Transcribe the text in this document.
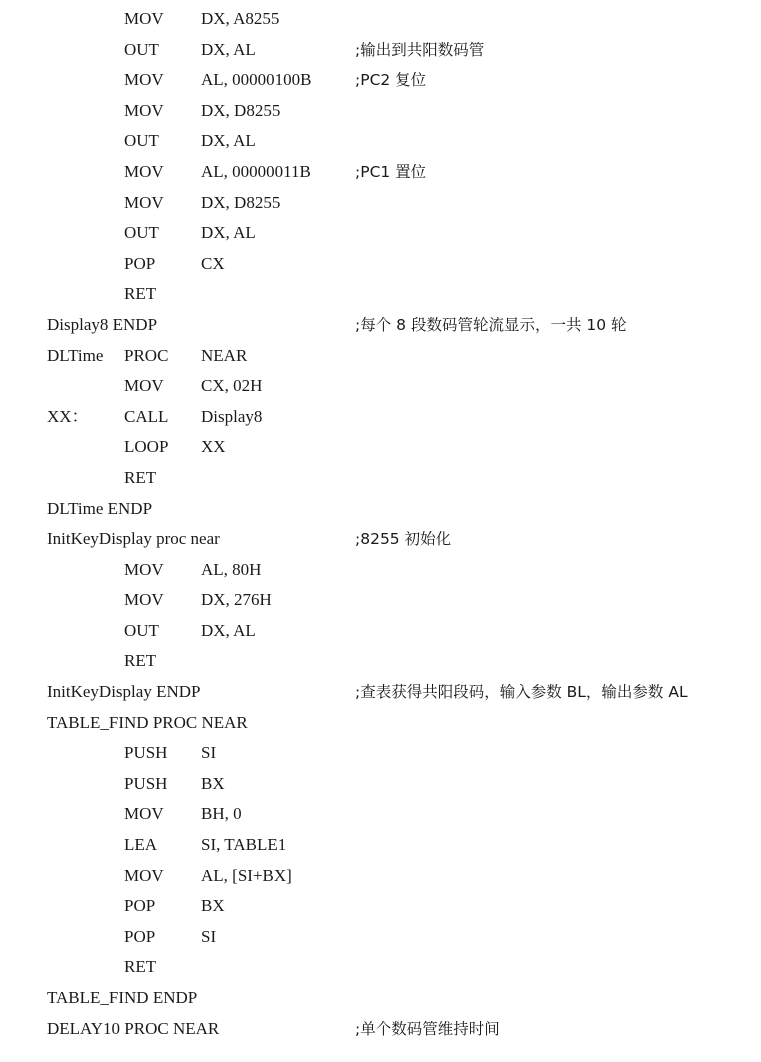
MOV DX, A8255
OUT DX, AL	;输出到共阳数码管
MOV AL, 00000100B	;PC2 复位
MOV DX, D8255
OUT DX, AL
MOV AL, 00000011B	;PC1 置位
MOV DX, D8255
OUT DX, AL
POP	CX
RET
Display8 ENDP	;每个 8 段数码管轮流显示，一共 10 轮
DLTime PROC NEAR
MOV CX, 02H
XX： CALL Display8
LOOP XX
RET
DLTime ENDP
InitKeyDisplay proc near	;8255 初始化
MOV AL, 80H
MOV DX, 276H
OUT DX, AL
RET
InitKeyDisplay ENDP	;查表获得共阳段码，输入参数 BL，输出参数 AL
TABLE_FIND PROC NEAR
PUSH SI
PUSH BX
MOV BH, 0
LEA	SI, TABLE1
MOV AL, [SI+BX]
POP	BX
POP	SI
RET
TABLE_FIND ENDP
DELAY10 PROC NEAR	;单个数码管维持时间
